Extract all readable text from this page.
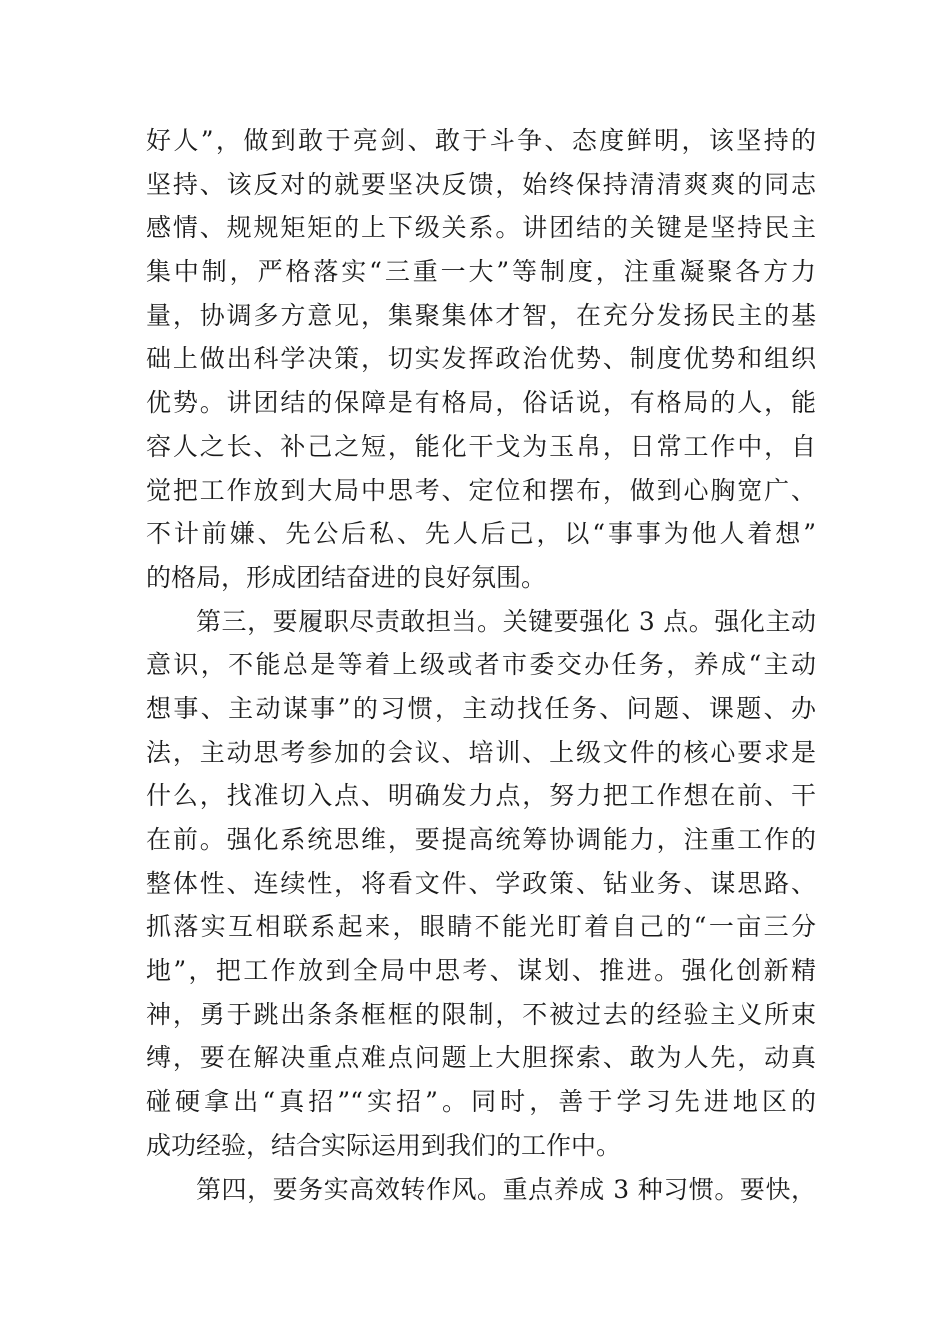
好人”，做到敢于亮剑、敢于斗争、态度鲜明，该坚持的
坚持、该反对的就要坚决反馈，始终保持清清爽爽的同志
感情、规规矩矩的上下级关系。讲团结的关键是坚持民主
集中制，严格落实“三重一大”等制度，注重凝聚各方力
量，协调多方意见，集聚集体才智，在充分发扬民主的基
础上做出科学决策，切实发挥政治优势、制度优势和组织
优势。讲团结的保障是有格局，俗话说，有格局的人，能
容人之长、补己之短，能化干戈为玉帛，日常工作中，自
觉把工作放到大局中思考、定位和摆布，做到心胸宽广、
不计前嫌、先公后私、先人后己，以“事事为他人着想”
的格局，形成团结奋进的良好氛围。
第三，要履职尽责敢担当。关键要强化 3 点。强化主动
意识，不能总是等着上级或者市委交办任务，养成“主动
想事、主动谋事”的习惯，主动找任务、问题、课题、办
法，主动思考参加的会议、培训、上级文件的核心要求是
什么，找准切入点、明确发力点，努力把工作想在前、干
在前。强化系统思维，要提高统筹协调能力，注重工作的
整体性、连续性，将看文件、学政策、钻业务、谋思路、
抓落实互相联系起来，眼睛不能光盯着自己的“一亩三分
地”，把工作放到全局中思考、谋划、推进。强化创新精
神，勇于跳出条条框框的限制，不被过去的经验主义所束
缚，要在解决重点难点问题上大胆探索、敢为人先，动真
碰硬拿出“真招”“实招”。同时，善于学习先进地区的
成功经验，结合实际运用到我们的工作中。
第四，要务实高效转作风。重点养成 3 种习惯。要快，
